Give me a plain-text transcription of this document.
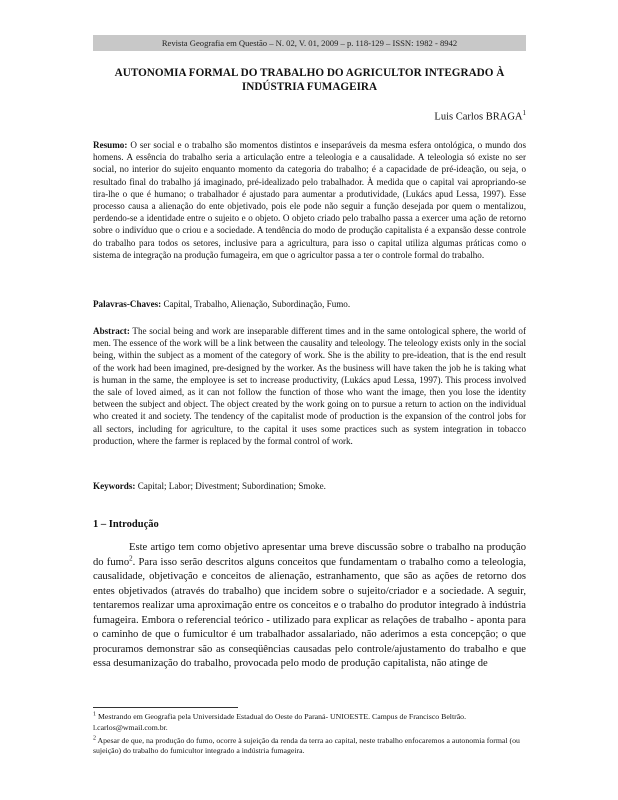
Revista Geografia em Questão – N. 02, V. 01, 2009 – p. 118-129 – ISSN: 1982 - 8942
AUTONOMIA FORMAL DO TRABALHO DO AGRICULTOR INTEGRADO À INDÚSTRIA FUMAGEIRA
Luis Carlos BRAGA$^1$
Resumo: O ser social e o trabalho são momentos distintos e inseparáveis da mesma esfera ontológica, o mundo dos homens. A essência do trabalho seria a articulação entre a teleologia e a causalidade. A teleologia só existe no ser social, no interior do sujeito enquanto momento da categoria do trabalho; é a capacidade de pré-ideação, ou seja, o resultado final do trabalho já imaginado, pré-idealizado pelo trabalhador. À medida que o capital vai apropriando-se tira-lhe o que é humano; o trabalhador é ajustado para aumentar a produtividade, (Lukács apud Lessa, 1997). Esse processo causa a alienação do ente objetivado, pois ele pode não seguir a função desejada por quem o mentalizou, perdendo-se a identidade entre o sujeito e o objeto. O objeto criado pelo trabalho passa a exercer uma ação de retorno sobre o indivíduo que o criou e a sociedade. A tendência do modo de produção capitalista é a expansão desse controle do trabalho para todos os setores, inclusive para a agricultura, para isso o capital utiliza algumas práticas como o sistema de integração na produção fumageira, em que o agricultor passa a ter o controle formal do trabalho.
Palavras-Chaves: Capital, Trabalho, Alienação, Subordinação, Fumo.
Abstract: The social being and work are inseparable different times and in the same ontological sphere, the world of men. The essence of the work will be a link between the causality and teleology. The teleology exists only in the social being, within the subject as a moment of the category of work. She is the ability to pre-ideation, that is the end result of the work had been imagined, pre-designed by the worker. As the business will have taken the job he is taking what is human in the same, the employee is set to increase productivity, (Lukács apud Lessa, 1997). This process involved the sale of loved aimed, as it can not follow the function of those who want the image, then you lose the identity between the subject and object. The object created by the work going on to pursue a return to action on the individual who created it and society. The tendency of the capitalist mode of production is the expansion of the control jobs for all sectors, including for agriculture, to the capital it uses some practices such as system integration in tobacco production, where the farmer is replaced by the formal control of work.
Keywords: Capital; Labor; Divestment; Subordination; Smoke.
1 – Introdução
Este artigo tem como objetivo apresentar uma breve discussão sobre o trabalho na produção do fumo$^2$. Para isso serão descritos alguns conceitos que fundamentam o trabalho como a teleologia, causalidade, objetivação e conceitos de alienação, estranhamento, que são as ações de retorno dos entes objetivados (através do trabalho) que incidem sobre o sujeito/criador e a sociedade. A seguir, tentaremos realizar uma aproximação entre os conceitos e o trabalho do produtor integrado à indústria fumageira. Embora o referencial teórico - utilizado para explicar as relações de trabalho - aponta para o caminho de que o fumicultor é um trabalhador assalariado, não aderimos a esta concepção; o que procuramos demonstrar são as conseqüências causadas pelo controle/ajustamento do trabalho e que essa desumanização do trabalho, provocada pelo modo de produção capitalista, não atinge de

$^1$ Mestrando em Geografia pela Universidade Estadual do Oeste do Paraná- UNIOESTE. Campus de Francisco Beltrão. l.carlos@wmail.com.br.

$^2$ Apesar de que, na produção do fumo, ocorre à sujeição da renda da terra ao capital, neste trabalho enfocaremos a autonomia formal (ou sujeição) do trabalho do fumicultor integrado a indústria fumageira.
